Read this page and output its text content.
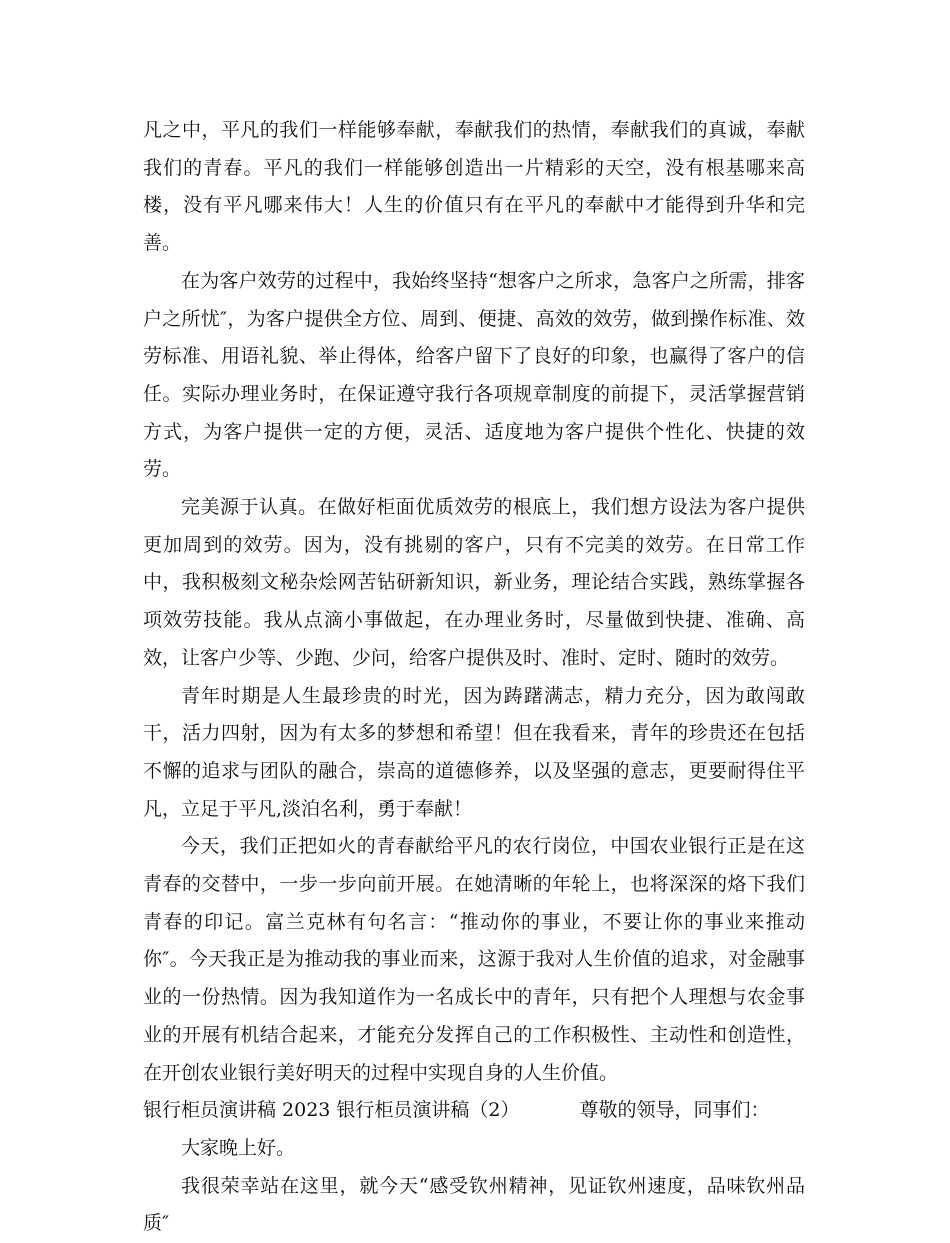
凡之中，平凡的我们一样能够奉献，奉献我们的热情，奉献我们的真诚，奉献我们的青春。平凡的我们一样能够创造出一片精彩的天空，没有根基哪来高楼，没有平凡哪来伟大！人生的价值只有在平凡的奉献中才能得到升华和完善。

在为客户效劳的过程中，我始终坚持“想客户之所求，急客户之所需，排客户之所忧″，为客户提供全方位、周到、便捷、高效的效劳，做到操作标准、效劳标准、用语礼貌、举止得体，给客户留下了良好的印象，也赢得了客户的信任。实际办理业务时，在保证遵守我行各项规章制度的前提下，灵活掌握营销方式，为客户提供一定的方便，灵活、适度地为客户提供个性化、快捷的效劳。

完美源于认真。在做好柜面优质效劳的根底上，我们想方设法为客户提供更加周到的效劳。因为，没有挑剔的客户，只有不完美的效劳。在日常工作中，我积极刻文秘杂烩网苦钻研新知识，新业务，理论结合实践，熟练掌握各项效劳技能。我从点滴小事做起，在办理业务时，尽量做到快捷、准确、高效，让客户少等、少跑、少问，给客户提供及时、准时、定时、随时的效劳。

青年时期是人生最珍贵的时光，因为踌躇满志，精力充分，因为敢闯敢干，活力四射，因为有太多的梦想和希望！但在我看来，青年的珍贵还在包括不懈的追求与团队的融合，崇高的道德修养，以及坚强的意志，更要耐得住平凡，立足于平凡,淡泊名利，勇于奉献！

今天，我们正把如火的青春献给平凡的农行岗位，中国农业银行正是在这青春的交替中，一步一步向前开展。在她清晰的年轮上，也将深深的烙下我们青春的印记。富兰克林有句名言：“推动你的事业，不要让你的事业来推动你″。今天我正是为推动我的事业而来，这源于我对人生价值的追求，对金融事业的一份热情。因为我知道作为一名成长中的青年，只有把个人理想与农金事业的开展有机结合起来，才能充分发挥自己的工作积极性、主动性和创造性，在开创农业银行美好明天的过程中实现自身的人生价值。

银行柜员演讲稿 2023 银行柜员演讲稿（2）	尊敬的领导，同事们：

大家晚上好。

我很荣幸站在这里，就今天“感受钦州精神，见证钦州速度，品味钦州品质″
